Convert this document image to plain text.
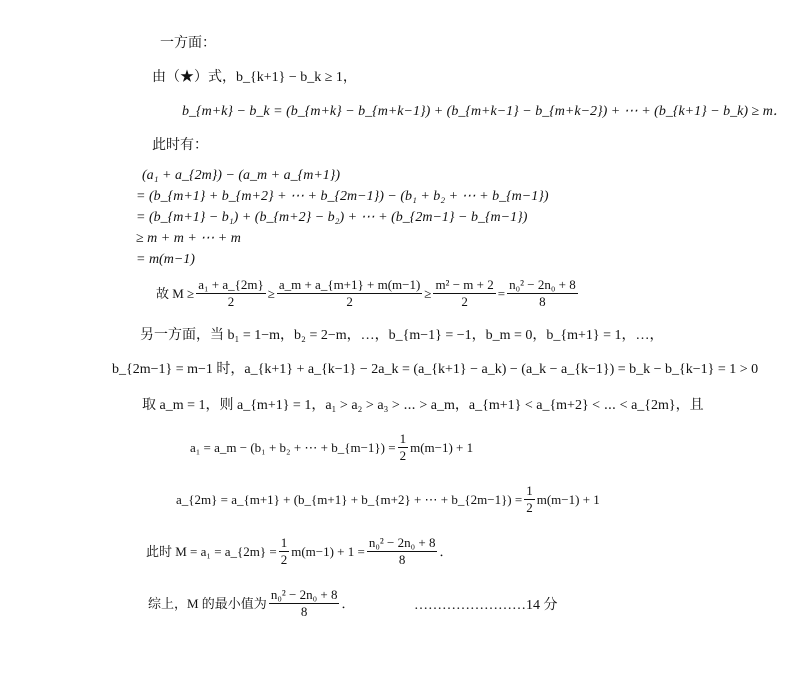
一方面：
由（★）式，b_{k+1} − b_k ≥ 1，
b_{m+k} − b_k = (b_{m+k} − b_{m+k−1}) + (b_{m+k−1} − b_{m+k−2}) + ⋯ + (b_{k+1} − b_k) ≥ m．
此时有：
(a₁ + a_{2m}) − (a_m + a_{m+1})
= (b_{m+1} + b_{m+2} + ⋯ + b_{2m−1}) − (b₁ + b₂ + ⋯ + b_{m−1})
= (b_{m+1} − b₁) + (b_{m+2} − b₂) + ⋯ + (b_{2m−1} − b_{m−1})
≥ m + m + ⋯ + m
= m(m−1)
故 $M \ge \frac{\text{a₁ + a\_\{2m\}}}{2} \ge \frac{a\_m + a\_\{m+1\} + m(m-1)}{2} \ge \frac{\text{m² − m + 2}}{2} = \frac{\text{n₀² − 2n₀ + 8}}{8}$
另一方面，当 b₁ = 1−m，b₂ = 2−m，…，b_{m−1} = −1，b_m = 0，b_{m+1} = 1，…，
b_{2m−1} = m−1 时，a_{k+1} + a_{k−1} − 2a_k = (a_{k+1} − a_k) − (a_k − a_{k−1}) = b_k − b_{k−1} = 1 > 0
取 a_m = 1，则 a_{m+1} = 1，a₁ > a₂ > a₃ > ⋯ > a_m，a_{m+1} < a_{m+2} < ⋯ < a_{2m}，且
a₁ = a_m − (b₁ + b₂ + ⋯ + b_{m−1}) = $\frac{1}{2} m(m-1) + 1$
a_{2m} = a_{m+1} + (b_{m+1} + b_{m+2} + ⋯ + b_{2m−1}) = $\frac{1}{2} m(m-1) + 1$
此时 M = a₁ = a_{2m} = $\frac{1}{2} m(m-1) + 1 = \frac{\text{n₀² − 2n₀ + 8}}{8}$ ．
综上，M 的最小值为 $\frac{\text{n₀² − 2n₀ + 8}}{8}$ ．	……………………14 分
